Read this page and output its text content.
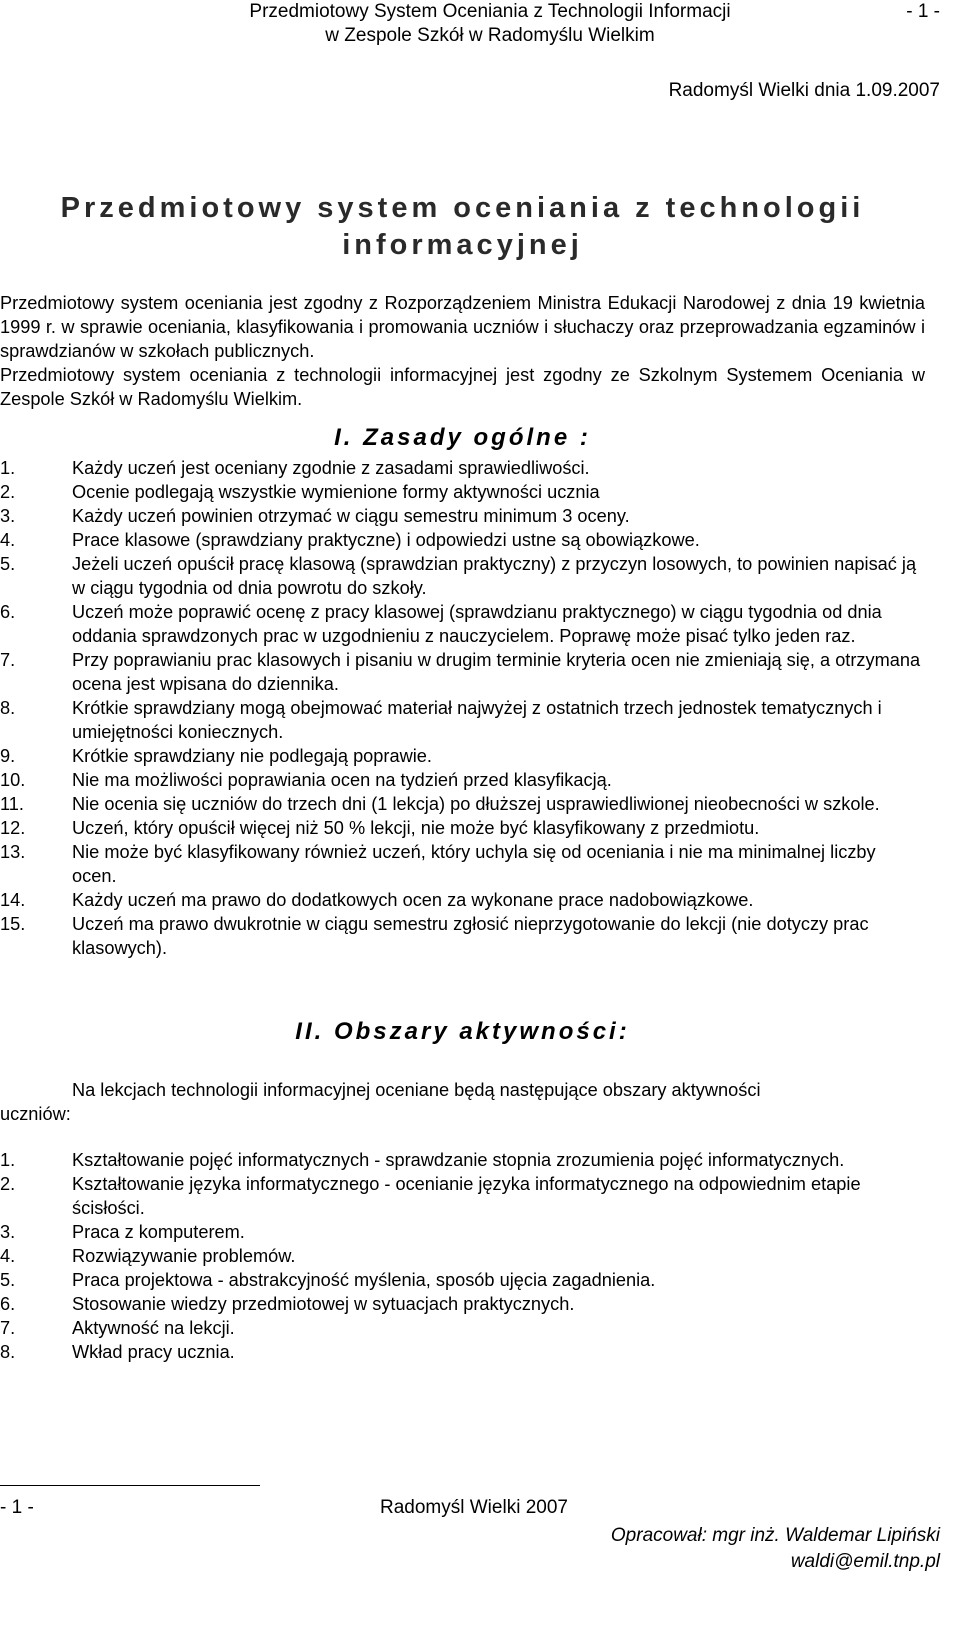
Przedmiotowy System Oceniania z Technologii Informacji
w Zespole Szkół w Radomyślu Wielkim
- 1 -
Radomyśl Wielki dnia 1.09.2007
Przedmiotowy system oceniania z technologii
informacyjnej

Przedmiotowy system oceniania jest zgodny z Rozporządzeniem Ministra Edukacji Narodowej z dnia 19 kwietnia 1999 r. w sprawie oceniania, klasyfikowania i promowania uczniów i słuchaczy oraz przeprowadzania egzaminów i sprawdzianów w szkołach publicznych.

Przedmiotowy system oceniania z technologii informacyjnej jest zgodny ze Szkolnym Systemem Oceniania w Zespole Szkół w Radomyślu Wielkim.

I. Zasady ogólne :
1.	Każdy uczeń jest oceniany zgodnie z zasadami sprawiedliwości.
2.	Ocenie podlegają wszystkie wymienione formy aktywności ucznia
3.	Każdy uczeń powinien otrzymać w ciągu semestru minimum 3 oceny.
4.	Prace klasowe (sprawdziany praktyczne) i odpowiedzi ustne są obowiązkowe.
5.	Jeżeli uczeń opuścił pracę klasową (sprawdzian praktyczny) z przyczyn losowych, to powinien napisać ją w ciągu tygodnia od dnia powrotu do szkoły.
6.	Uczeń może poprawić ocenę z pracy klasowej (sprawdzianu praktycznego) w ciągu tygodnia od dnia oddania sprawdzonych prac w uzgodnieniu z nauczycielem. Poprawę może pisać tylko jeden raz.
7.	Przy poprawianiu prac klasowych i pisaniu w drugim terminie kryteria ocen nie zmieniają się, a otrzymana ocena jest wpisana do dziennika.
8.	Krótkie sprawdziany mogą obejmować materiał najwyżej z ostatnich trzech jednostek tematycznych i umiejętności koniecznych.
9.	Krótkie sprawdziany nie podlegają poprawie.
10.	Nie ma możliwości poprawiania ocen na tydzień przed klasyfikacją.
11.	Nie ocenia się uczniów do trzech dni (1 lekcja) po dłuższej usprawiedliwionej nieobecności w szkole.
12.	Uczeń, który opuścił więcej niż 50 % lekcji, nie może być klasyfikowany z przedmiotu.
13.	Nie może być klasyfikowany również uczeń, który uchyla się od oceniania i nie ma minimalnej liczby ocen.
14.	Każdy uczeń ma prawo do dodatkowych ocen za wykonane prace nadobowiązkowe.
15.	Uczeń ma prawo dwukrotnie w ciągu semestru zgłosić nieprzygotowanie do lekcji (nie dotyczy prac klasowych).
II. Obszary aktywności:
Na lekcjach technologii informacyjnej oceniane będą następujące obszary aktywności
uczniów:
1.	Kształtowanie pojęć informatycznych - sprawdzanie stopnia zrozumienia pojęć informatycznych.
2.	Kształtowanie języka informatycznego - ocenianie języka informatycznego na odpowiednim etapie ścisłości.
3.	Praca z komputerem.
4.	Rozwiązywanie problemów.
5.	Praca projektowa - abstrakcyjność myślenia, sposób ujęcia zagadnienia.
6.	Stosowanie wiedzy przedmiotowej w sytuacjach praktycznych.
7.	Aktywność na lekcji.
8.	Wkład pracy ucznia.
- 1 -	Radomyśl Wielki 2007
Opracował: mgr inż. Waldemar Lipiński
waldi@emil.tnp.pl
